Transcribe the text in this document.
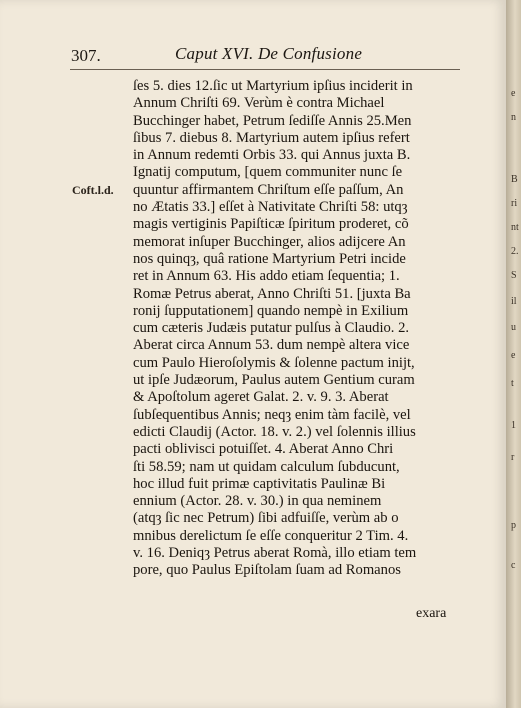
307.	Caput XVI. De Confusione
Coft.l.d.
ſes 5. dies 12.ſic ut Martyrium ipſius inciderit in
Annum Chriſti 69. Verùm è contra Michael
Bucchinger habet, Petrum ſediſſe Annis 25.Men
ſibus 7. diebus 8. Martyrium autem ipſius refert
in Annum redemti Orbis 33. qui Annus juxta B.
Ignatij computum, [quem communiter nunc ſe
quuntur affirmantem Chriſtum eſſe paſſum, An
no Ætatis 33.] eſſet à Nativitate Chriſti 58: utqȝ
magis vertiginis Papiſticæ ſpiritum proderet, cõ
memorat inſuper Bucchinger, alios adijcere An
nos quinqȝ, quâ ratione Martyrium Petri incide
ret in Annum 63. His addo etiam ſequentia; 1.
Romæ Petrus aberat, Anno Chriſti 51. [juxta Ba
ronij ſupputationem] quando nempè in Exilium
cum cæteris Judæis putatur pulſus à Claudio. 2.
Aberat circa Annum 53. dum nempè altera vice
cum Paulo Hieroſolymis & ſolenne pactum inijt,
ut ipſe Judæorum, Paulus autem Gentium curam
& Apoſtolum ageret Galat. 2. v. 9. 3. Aberat
ſubſequentibus Annis; neqȝ enim tàm facilè, vel
edicti Claudij (Actor. 18. v. 2.) vel ſolennis illius
pacti oblivisci potuiſſet. 4. Aberat Anno Chri
ſti 58.59; nam ut quidam calculum ſubducunt,
hoc illud fuit primæ captivitatis Paulinæ Bi
ennium (Actor. 28. v. 30.) in qua neminem
(atqȝ ſic nec Petrum) ſibi adfuiſſe, verùm ab o
mnibus derelictum ſe eſſe conqueritur 2 Tim. 4.
v. 16. Deniqȝ Petrus aberat Romà, illo etiam tem
pore, quo Paulus Epiſtolam ſuam ad Romanos
exara
e
n
B
ri
nt
2.
S
il
u
e
t
1
r
p
c
